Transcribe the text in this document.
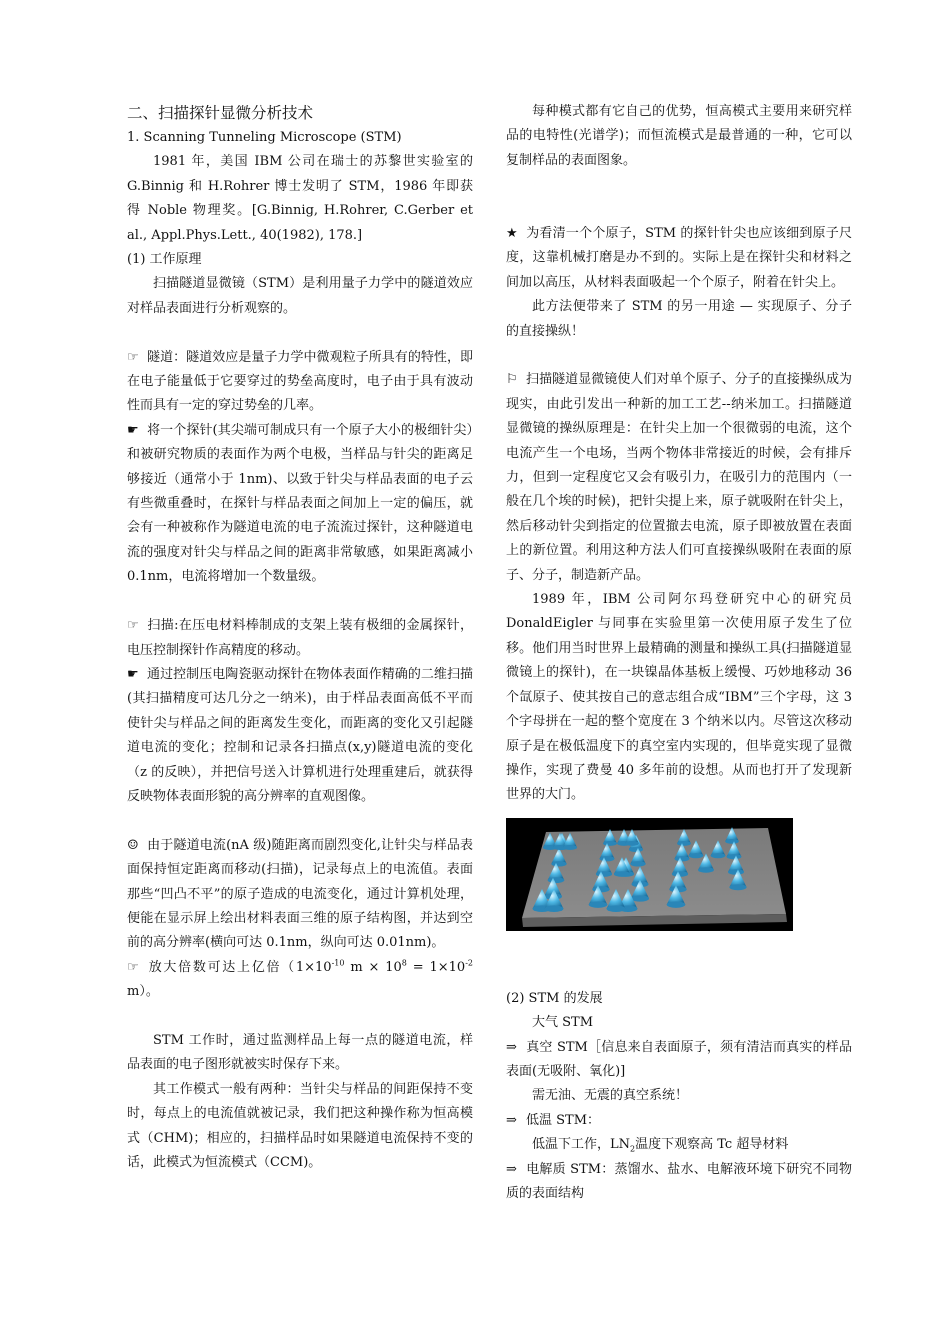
二、扫描探针显微分析技术

1. Scanning Tunneling Microscope (STM)

1981 年，美国 IBM 公司在瑞士的苏黎世实验室的 G.Binnig 和 H.Rohrer 博士发明了 STM，1986 年即获得 Noble 物理奖。[G.Binnig, H.Rohrer, C.Gerber et al., Appl.Phys.Lett., 40(1982), 178.]

(1) 工作原理

扫描隧道显微镜（STM）是利用量子力学中的隧道效应对样品表面进行分析观察的。

☞ 隧道：隧道效应是量子力学中微观粒子所具有的特性，即在电子能量低于它要穿过的势垒高度时，电子由于具有波动性而具有一定的穿过势垒的几率。

☛ 将一个探针(其尖端可制成只有一个原子大小的极细针尖）和被研究物质的表面作为两个电极，当样品与针尖的距离足够接近（通常小于 1nm)、以致于针尖与样品表面的电子云有些微重叠时，在探针与样品表面之间加上一定的偏压，就会有一种被称作为隧道电流的电子流流过探针，这种隧道电流的强度对针尖与样品之间的距离非常敏感，如果距离减小 0.1nm，电流将增加一个数量级。

☞ 扫描:在压电材料棒制成的支架上装有极细的金属探针，电压控制探针作高精度的移动。

☛ 通过控制压电陶瓷驱动探针在物体表面作精确的二维扫描(其扫描精度可达几分之一纳米)，由于样品表面高低不平而使针尖与样品之间的距离发生变化，而距离的变化又引起隧道电流的变化；控制和记录各扫描点(x,y)隧道电流的变化（z 的反映），并把信号送入计算机进行处理重建后，就获得反映物体表面形貌的高分辨率的直观图像。

☺ 由于隧道电流(nA 级)随距离而剧烈变化,让针尖与样品表面保持恒定距离而移动(扫描)，记录每点上的电流值。表面那些“凹凸不平”的原子造成的电流变化，通过计算机处理，便能在显示屏上绘出材料表面三维的原子结构图，并达到空前的高分辨率(横向可达 0.1nm，纵向可达 0.01nm)。

☞ 放大倍数可达上亿倍（$1\times 10^{-10}$ $m \times 10^8 = 1\times 10^{-2}$ m）。

STM 工作时，通过监测样品上每一点的隧道电流，样品表面的电子图形就被实时保存下来。

其工作模式一般有两种：当针尖与样品的间距保持不变时，每点上的电流值就被记录，我们把这种操作称为恒高模式（CHM)；相应的，扫描样品时如果隧道电流保持不变的话，此模式为恒流模式（CCM)。

每种模式都有它自己的优势，恒高模式主要用来研究样品的电特性(光谱学)；而恒流模式是最普通的一种，它可以复制样品的表面图象。

★ 为看清一个个原子，STM 的探针针尖也应该细到原子尺度，这靠机械打磨是办不到的。实际上是在探针尖和材料之间加以高压，从材料表面吸起一个个原子，附着在针尖上。

此方法便带来了 STM 的另一用途 — 实现原子、分子的直接操纵！

⚐ 扫描隧道显微镜使人们对单个原子、分子的直接操纵成为现实，由此引发出一种新的加工工艺--纳米加工。扫描隧道显微镜的操纵原理是：在针尖上加一个很微弱的电流，这个电流产生一个电场，当两个物体非常接近的时候，会有排斥力，但到一定程度它又会有吸引力，在吸引力的范围内（一般在几个埃的时候)，把针尖提上来，原子就吸附在针尖上，然后移动针尖到指定的位置撤去电流，原子即被放置在表面上的新位置。利用这种方法人们可直接操纵吸附在表面的原子、分子，制造新产品。

1989 年，IBM 公司阿尔玛登研究中心的研究员 DonaldEigler 与同事在实验里第一次使用原子发生了位移。他们用当时世界上最精确的测量和操纵工具(扫描隧道显微镜上的探针)，在一块镍晶体基板上缓慢、巧妙地移动 36 个氙原子、使其按自己的意志组合成“IBM”三个字母，这 3 个字母拼在一起的整个宽度在 3 个纳米以内。尽管这次移动原子是在极低温度下的真空室内实现的，但毕竟实现了显微操作，实现了费曼 40 多年前的设想。从而也打开了发现新世界的大门。

(2) STM 的发展

大气 STM

⇒ 真空 STM［信息来自表面原子，须有清洁而真实的样品表面(无吸附、氧化)]

需无油、无震的真空系统！

⇒ 低温 STM：

低温下工作，$LN_2$温度下观察高 Tc 超导材料

⇒ 电解质 STM：蒸馏水、盐水、电解液环境下研究不同物质的表面结构
